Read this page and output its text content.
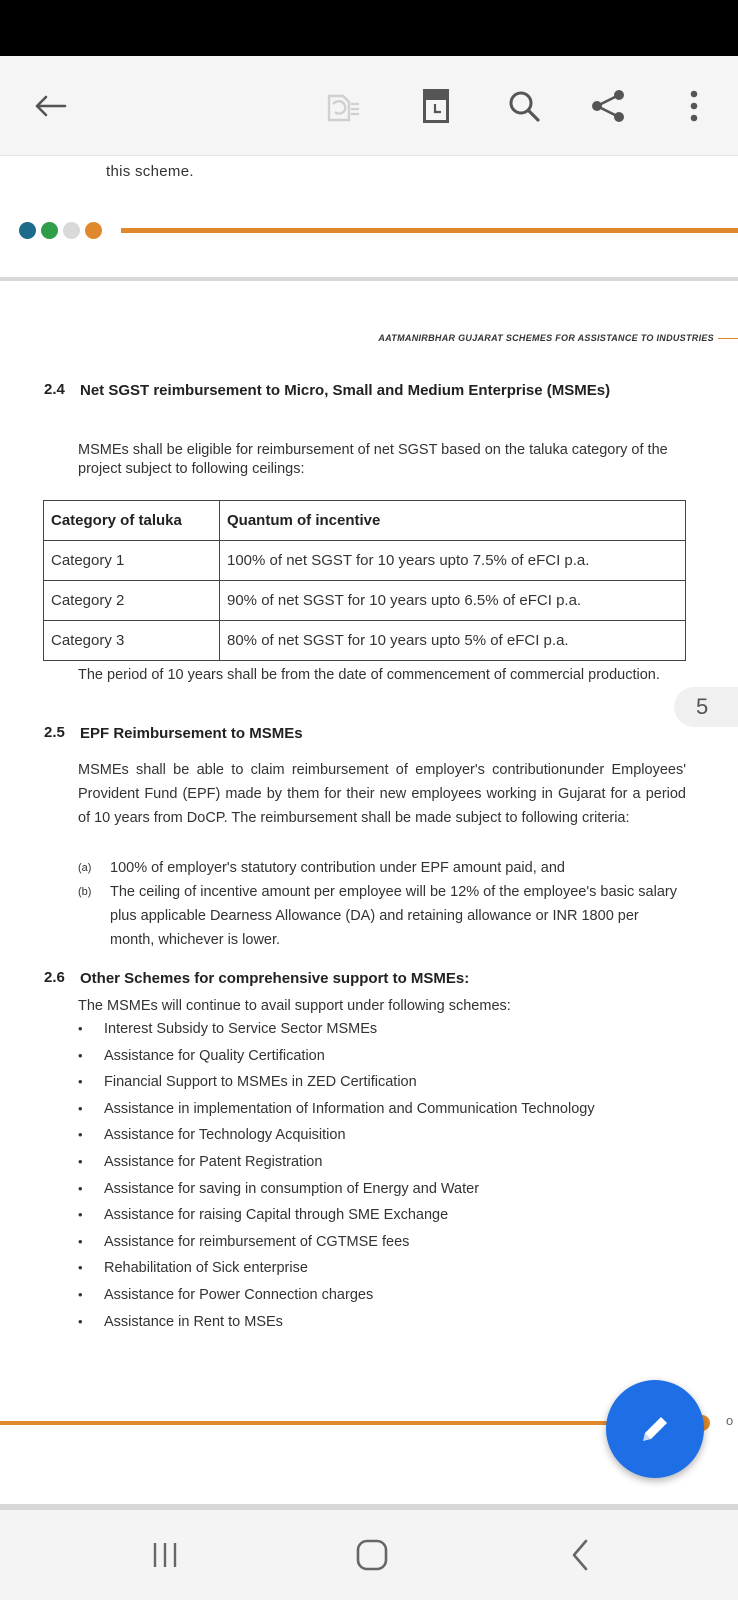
this scheme.
AATMANIRBHAR GUJARAT SCHEMES FOR ASSISTANCE TO INDUSTRIES
2.4 Net SGST reimbursement to Micro, Small and Medium Enterprise (MSMEs)
MSMEs shall be eligible for reimbursement of net SGST based on the taluka category of the project subject to following ceilings:
Category of taluka	Quantum of incentive
Category 1	100% of net SGST for 10 years upto 7.5% of eFCI p.a.
Category 2	90% of net SGST for 10 years upto 6.5% of eFCI p.a.
Category 3	80% of net SGST for 10 years upto 5% of eFCI p.a.
The period of 10 years shall be from the date of commencement of commercial production.
5
2.5 EPF Reimbursement to MSMEs
MSMEs shall be able to claim reimbursement of employer's contributionunder Employees' Provident Fund (EPF) made by them for their new employees working in Gujarat for a period of 10 years from DoCP. The reimbursement shall be made subject to following criteria:
(a) 100% of employer's statutory contribution under EPF amount paid, and
(b) The ceiling of incentive amount per employee will be 12% of the employee's basic salary plus applicable Dearness Allowance (DA) and retaining allowance or INR 1800 per month, whichever is lower.
2.6 Other Schemes for comprehensive support to MSMEs:
The MSMEs will continue to avail support under following schemes:
• Interest Subsidy to Service Sector MSMEs
• Assistance for Quality Certification
• Financial Support to MSMEs in ZED Certification
• Assistance in implementation of Information and Communication Technology
• Assistance for Technology Acquisition
• Assistance for Patent Registration
• Assistance for saving in consumption of Energy and Water
• Assistance for raising Capital through SME Exchange
• Assistance for reimbursement of CGTMSE fees
• Rehabilitation of Sick enterprise
• Assistance for Power Connection charges
• Assistance in Rent to MSEs
o
